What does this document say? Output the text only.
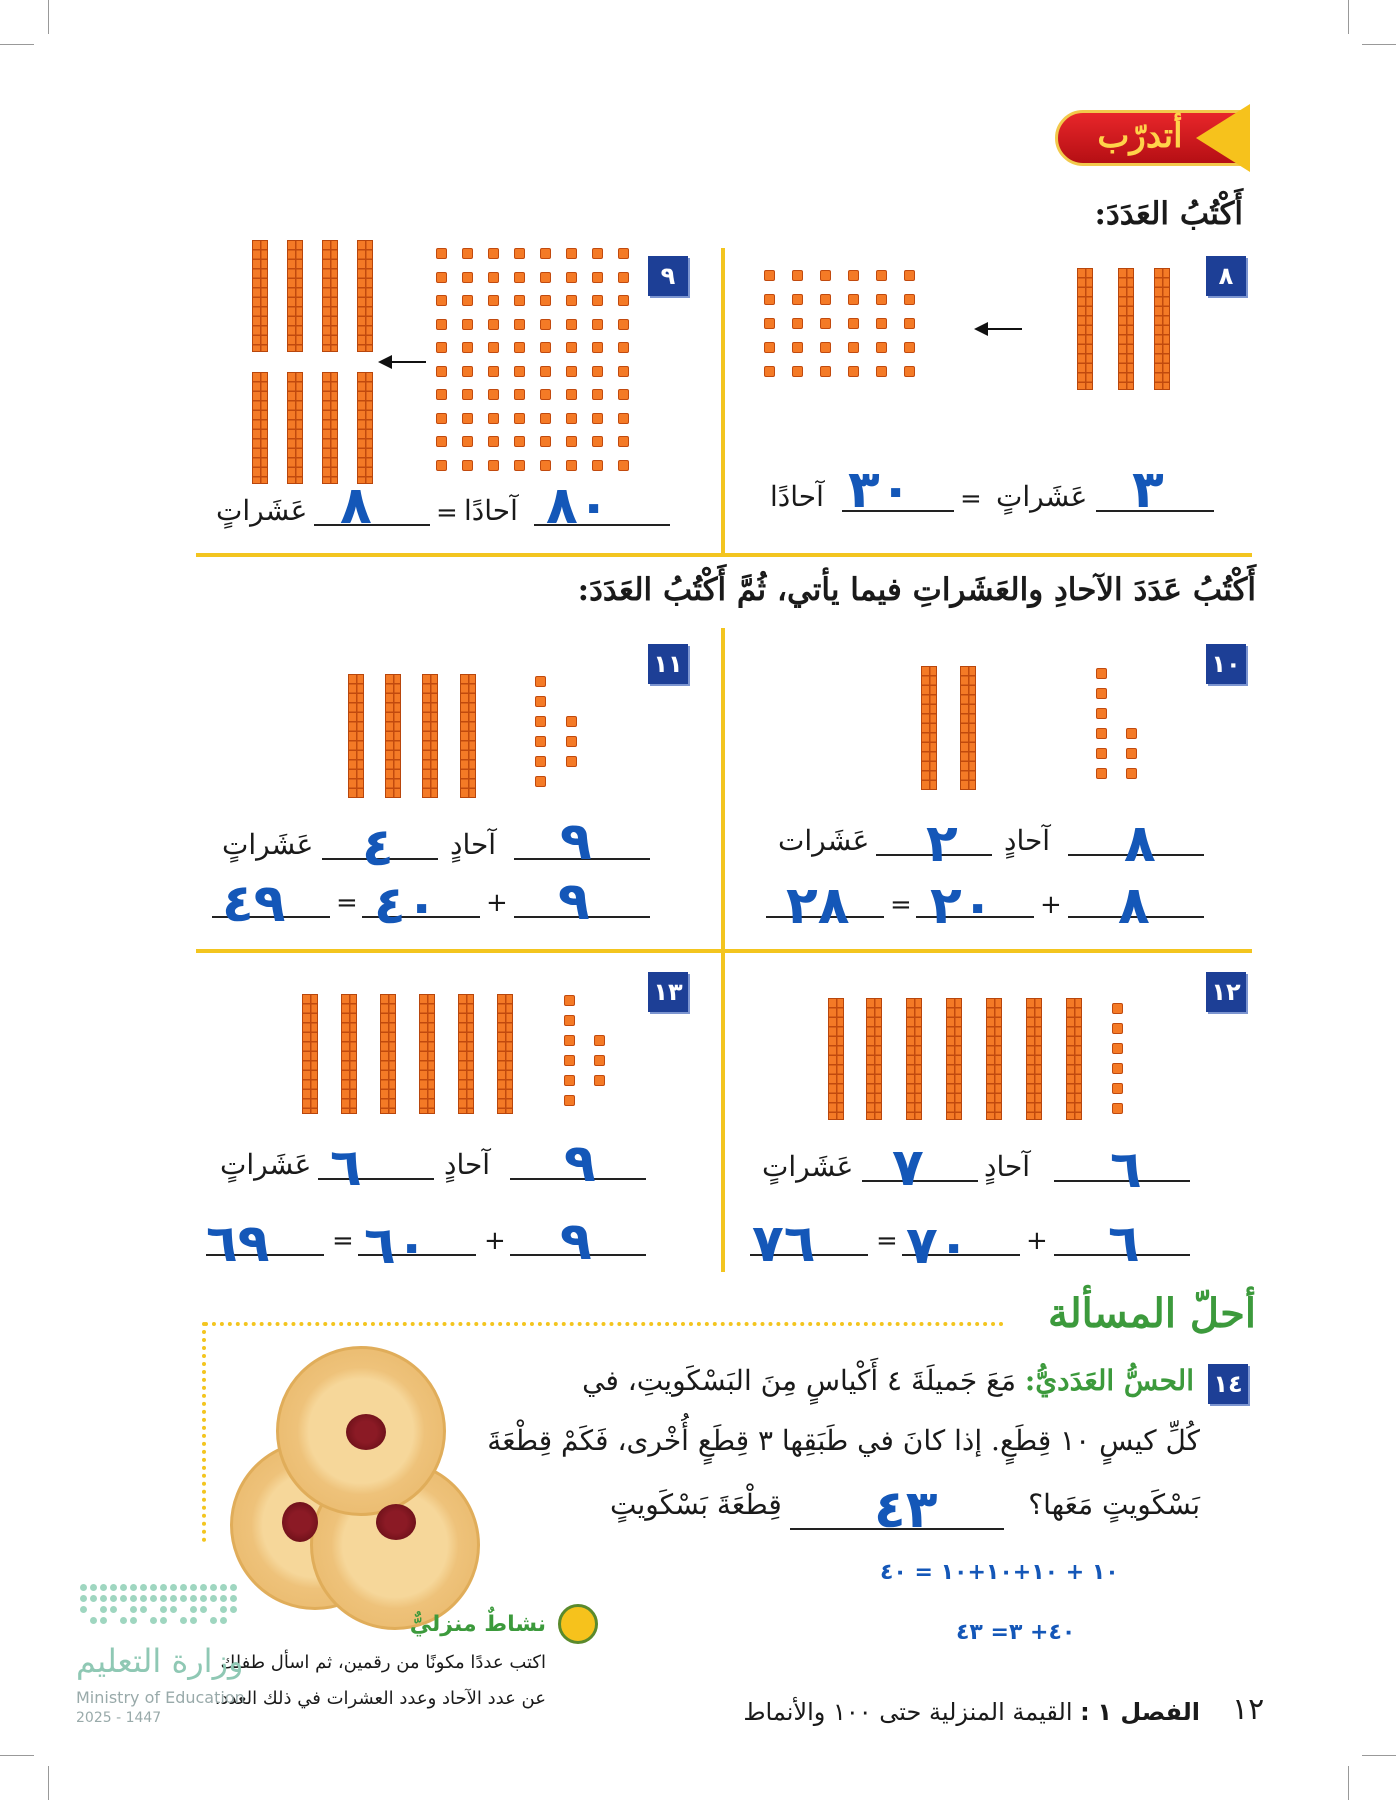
أتدرّب
أَكْتُبُ العَدَدَ:
أَكْتُبُ عَدَدَ الآحادِ والعَشَراتِ فيما يأتي، ثُمَّ أَكْتُبُ العَدَدَ:
٨
٣
عَشَراتٍ
=
٣٠
آحادًا
٩
٨٠
آحادًا
=
٨
عَشَراتٍ
١٠
٨
آحادٍ
٢
عَشَرات
٨
+
٢٠
=
٢٨
١١
٩
آحادٍ
٤
عَشَراتٍ
٩
+
٤٠
=
٤٩
١٢
٦
آحادٍ
٧
عَشَراتٍ
٦
+
٧٠
=
٧٦
١٣
٩
آحادٍ
٦
عَشَراتٍ
٩
+
٦٠
=
٦٩
أحلّ المسألة
١٤
الحسُّ العَدَديُّ: مَعَ جَميلَةَ ٤ أَكْياسٍ مِنَ البَسْكَويتِ، في
كُلِّ كيسٍ ١٠ قِطَعٍ. إذا كانَ في طَبَقِها ٣ قِطَعٍ أُخْرى، فَكَمْ قِطْعَةَ
بَسْكَويتٍ مَعَها؟
٤٣
قِطْعَةَ بَسْكَويتٍ
١٠ + ١٠+١٠+١٠ = ٤٠
٤٠+ ٣= ٤٣
نشاطٌ منزليٌّ
اكتب عددًا مكونًا من رقمين، ثم اسأل طفلك
عن عدد الآحاد وعدد العشرات في ذلك العدد.
وزارة التعليم
Ministry of Education
2025 - 1447	١٢
الفصل ١ : القيمة المنزلية حتى ١٠٠ والأنماط
